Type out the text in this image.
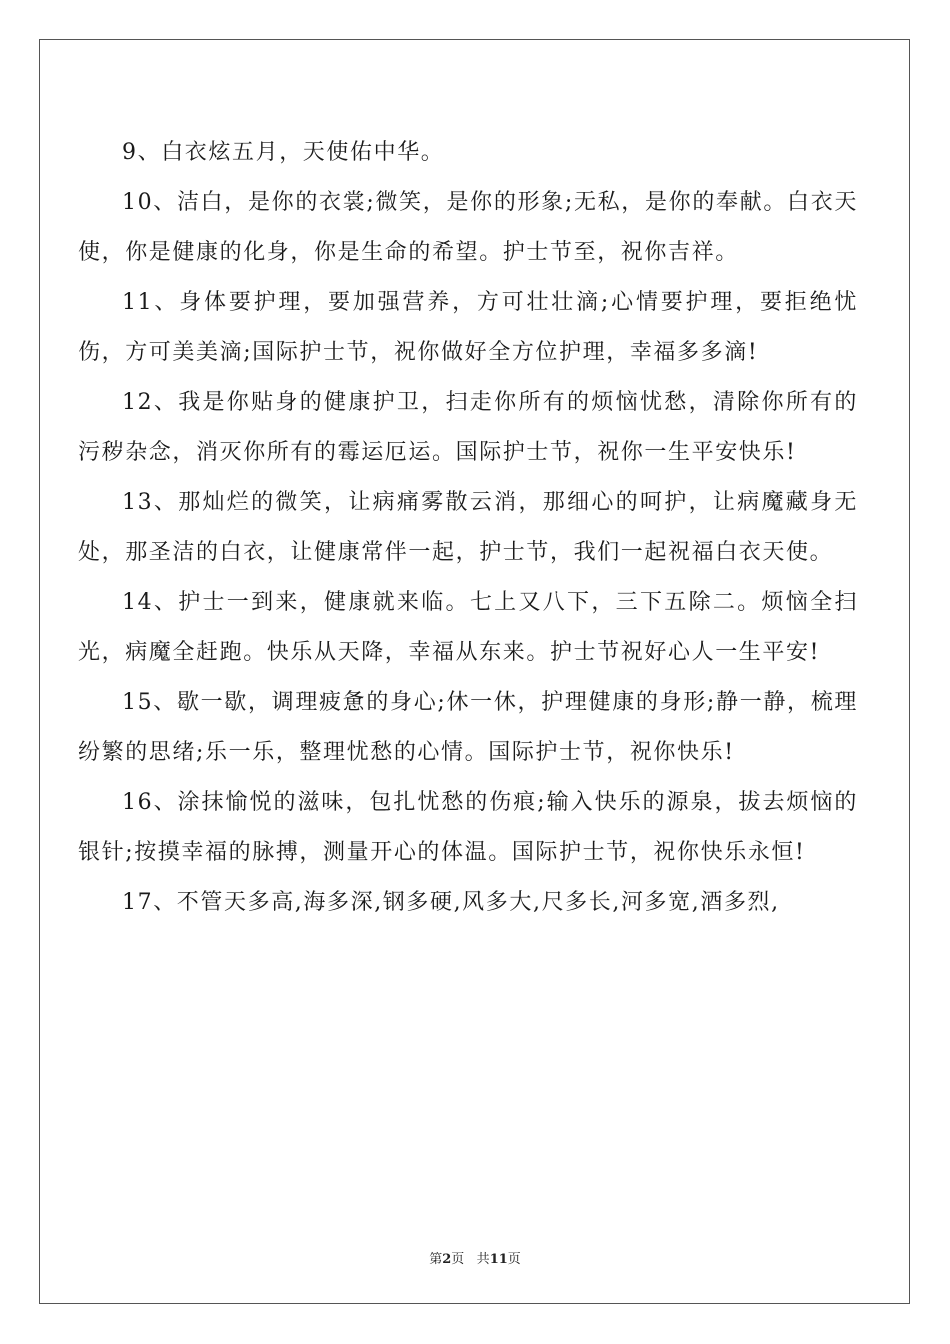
9、白衣炫五月，天使佑中华。

10、洁白，是你的衣裳;微笑，是你的形象;无私，是你的奉献。白衣天使，你是健康的化身，你是生命的希望。护士节至，祝你吉祥。

11、身体要护理，要加强营养，方可壮壮滴;心情要护理，要拒绝忧伤，方可美美滴;国际护士节，祝你做好全方位护理，幸福多多滴!

12、我是你贴身的健康护卫，扫走你所有的烦恼忧愁，清除你所有的污秽杂念，消灭你所有的霉运厄运。国际护士节，祝你一生平安快乐!

13、那灿烂的微笑，让病痛雾散云消，那细心的呵护，让病魔藏身无处，那圣洁的白衣，让健康常伴一起，护士节，我们一起祝福白衣天使。

14、护士一到来，健康就来临。七上又八下，三下五除二。烦恼全扫光，病魔全赶跑。快乐从天降，幸福从东来。护士节祝好心人一生平安!

15、歇一歇，调理疲惫的身心;休一休，护理健康的身形;静一静，梳理纷繁的思绪;乐一乐，整理忧愁的心情。国际护士节，祝你快乐!

16、涂抹愉悦的滋味，包扎忧愁的伤痕;输入快乐的源泉，拔去烦恼的银针;按摸幸福的脉搏，测量开心的体温。国际护士节，祝你快乐永恒!

17、不管天多高,海多深,钢多硬,风多大,尺多长,河多宽,酒多烈,

第2页 共11页
